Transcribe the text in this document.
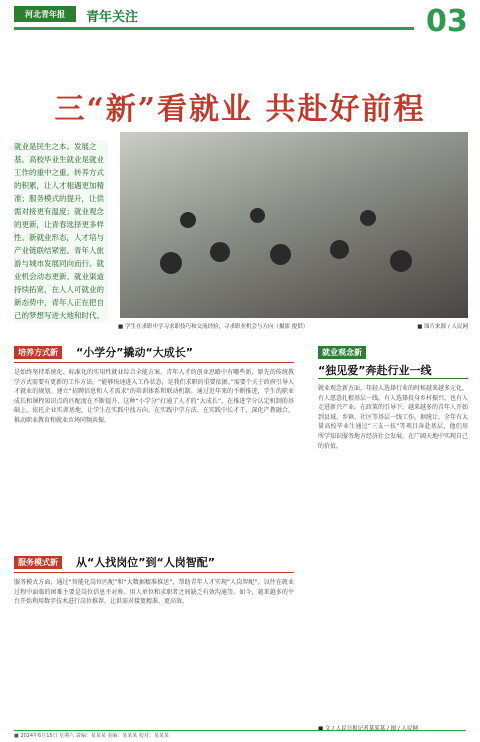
河北青年报	青年关注	03
三“新”看就业 共赴好前程
就业是民生之本。发展之基。高校毕业生就业是就业工作的重中之重。转养方式的积累，让人才相遇更加精准；服务模式的提升，让供需对接更有温度；就业观念的更新，让青春选择更多样性。新就业形态，人才培与产业链联结紧密。青年人旅游与城市发展同向而行。就业机会动态更新、就业渠道持续拓宽，在人人可就业的新态势中，青年人正在把自己的梦想写进大地和时代。
■ 学生在求职中学习求职技巧和交流经验，寻求职业机会与方向（摄影 提供）	■ 图片来源 / 人民网
培养方式新	“小学分”撬动“大成长”
是始终坚持系统化、标准化的实用性就业综合全能方案，青年人才的创业思路中有哪些新，原先的传统教学方式需要有更新的工作方法。“能够快速进入工作状态，是我们求职的重要依据。”需要个关于政府引导人才就业的规划。建立“招聘信息和人才需求”的培训体系和联动机制。通过近年来的不断推进，学生的职业成长和课程知识点的匹配度在不断提升，这种“小学分”打通了人才的“大成长”。在推进学分认定机制的基础上，依托企业实训基地，让学生在实践中找方向、在实践中学方法、在实践中长才干，深化产教融合，推动职业教育和就业市场同频共振。
就业观念新
“独见爱”奔赴行业一线
就业观念新方面，年轻人选择行业的时候越来越多元化。有人愿意扎根基层一线，有人选择投身乡村振兴，也有人走进新兴产业。在政策的引导下，越来越多的青年人开始到县域、乡镇、社区等基层一线工作。据统计，全年有大量高校毕业生通过“三支一扶”等项目奔赴基层，他们用所学知识服务地方经济社会发展，在广阔天地中实现自己的价值。
服务模式新	从“人找岗位”到“人岗智配”
服务模式方面，通过“智能化岗位匹配”和“大数据精准推送”，帮助青年人才实现“人岗智配”。以往在就业过程中面临的困难主要是岗位信息不对称、用人单位和求职者之间缺乏有效沟通等。如今，越来越多的平台开始利用数字技术进行岗位推荐，让供需对接更精准、更高效。
■ 文 / 人民日报记者某某某 / 图 / 人民网
■ 2024年6月15日 星期六 责编：某某某 美编：某某某 校对：某某某
